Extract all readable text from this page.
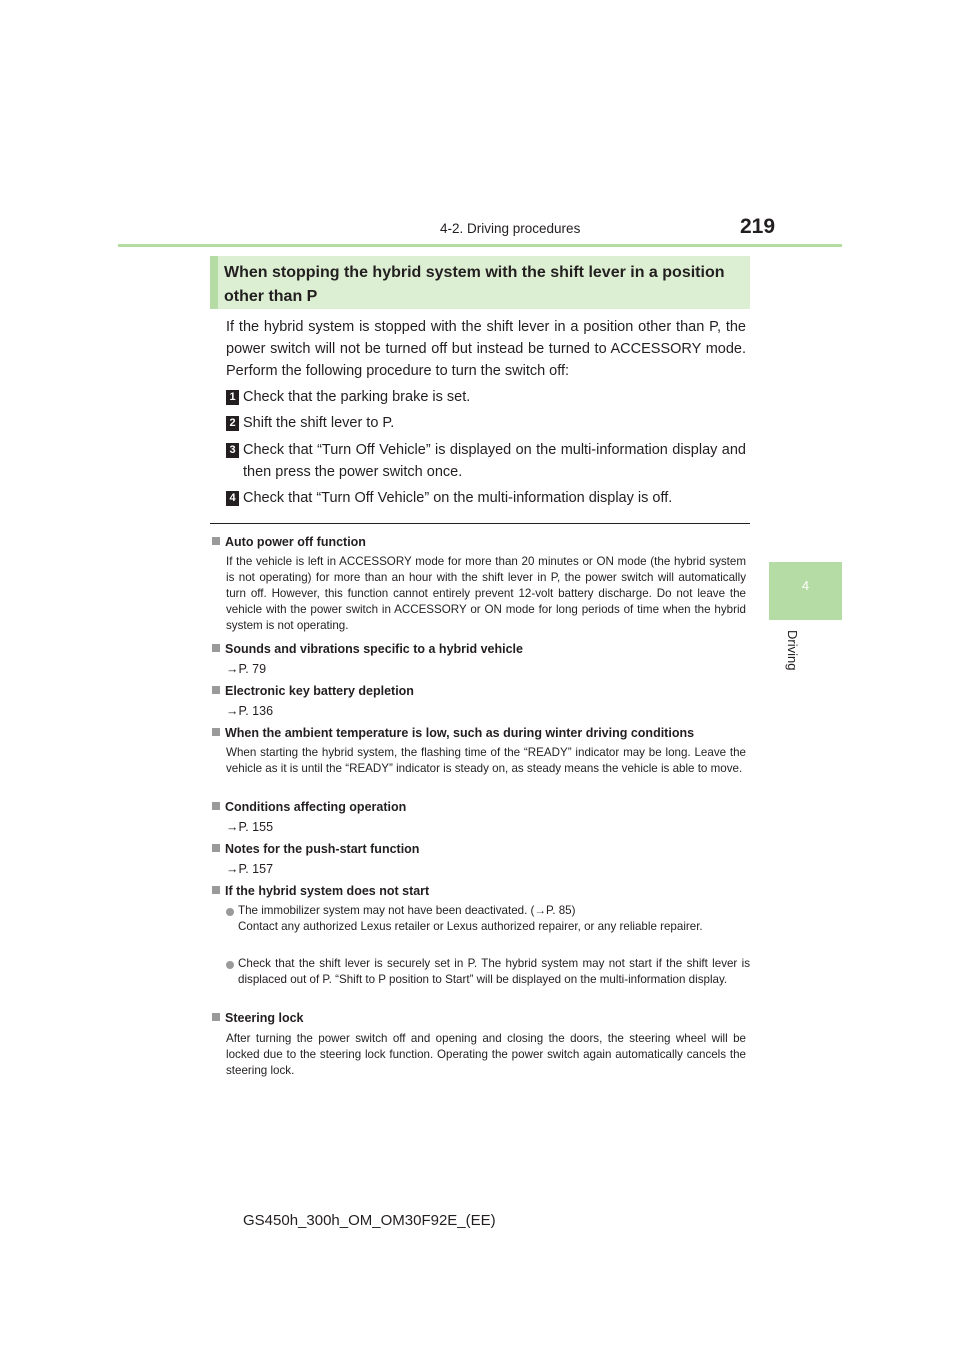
4-2. Driving procedures	219
4
Driving
When stopping the hybrid system with the shift lever in a position other than P
If the hybrid system is stopped with the shift lever in a position other than P, the power switch will not be turned off but instead be turned to ACCESSORY mode. Perform the following procedure to turn the switch off:
1 Check that the parking brake is set.
2 Shift the shift lever to P.
3 Check that “Turn Off Vehicle” is displayed on the multi-information display and then press the power switch once.
4 Check that “Turn Off Vehicle” on the multi-information display is off.
Auto power off function
If the vehicle is left in ACCESSORY mode for more than 20 minutes or ON mode (the hybrid system is not operating) for more than an hour with the shift lever in P, the power switch will automatically turn off. However, this function cannot entirely prevent 12-volt battery discharge. Do not leave the vehicle with the power switch in ACCESSORY or ON mode for long periods of time when the hybrid system is not operating.
Sounds and vibrations specific to a hybrid vehicle
→P. 79
Electronic key battery depletion
→P. 136
When the ambient temperature is low, such as during winter driving conditions
When starting the hybrid system, the flashing time of the “READY” indicator may be long. Leave the vehicle as it is until the “READY” indicator is steady on, as steady means the vehicle is able to move.
Conditions affecting operation
→P. 155
Notes for the push-start function
→P. 157
If the hybrid system does not start
The immobilizer system may not have been deactivated. (→P. 85)
Contact any authorized Lexus retailer or Lexus authorized repairer, or any reliable repairer.
Check that the shift lever is securely set in P. The hybrid system may not start if the shift lever is displaced out of P. “Shift to P position to Start” will be displayed on the multi-information display.
Steering lock
After turning the power switch off and opening and closing the doors, the steering wheel will be locked due to the steering lock function. Operating the power switch again automatically cancels the steering lock.
GS450h_300h_OM_OM30F92E_(EE)
